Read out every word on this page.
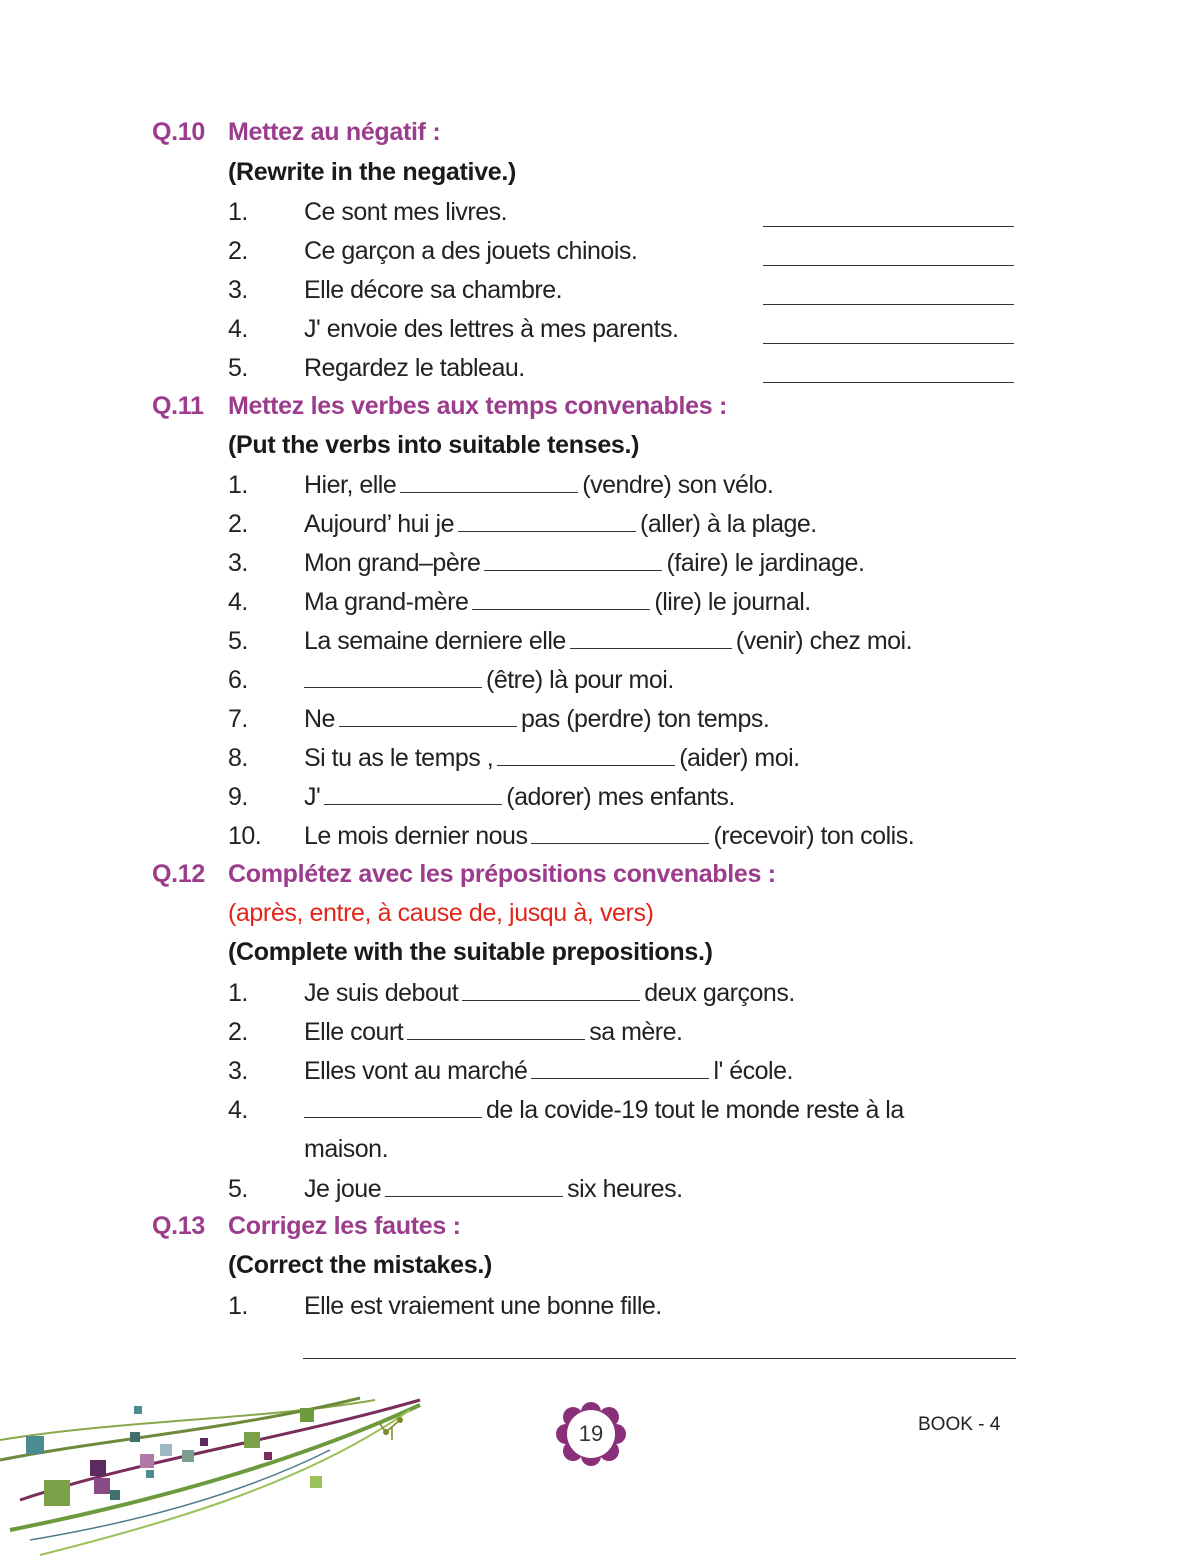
Q.10 Mettez au négatif :
(Rewrite in the negative.)
1.	Ce sont mes livres.
2.	Ce garçon a des jouets chinois.
3.	Elle décore sa chambre.
4.	J' envoie des lettres à mes parents.
5.	Regardez le tableau.
Q.11 Mettez les verbes aux temps convenables :
(Put the verbs into suitable tenses.)
1.	Hier, elle	(vendre) son vélo.
2.	Aujourd’ hui je	(aller) à la plage.
3.	Mon grand–père	(faire) le jardinage.
4.	Ma grand-mère	(lire) le journal.
5.	La semaine derniere elle	(venir) chez moi.
6.	(être) là pour moi.
7.	Ne	pas (perdre) ton temps.
8.	Si tu as le temps ,	(aider) moi.
9.	J'	(adorer) mes enfants.
10.	Le mois dernier nous	(recevoir) ton colis.
Q.12 Complétez avec les prépositions convenables :
(après, entre, à cause de, jusqu à, vers)
(Complete with the suitable prepositions.)
1.	Je suis debout	deux garçons.
2.	Elle court	sa mère.
3.	Elles vont au marché	l' école.
4.	de la covide-19 tout le monde reste à la
maison.
5.	Je joue	six heures.
Q.13 Corrigez les fautes :
(Correct the mistakes.)
1.	Elle est vraiement une bonne fille.
19	BOOK - 4
